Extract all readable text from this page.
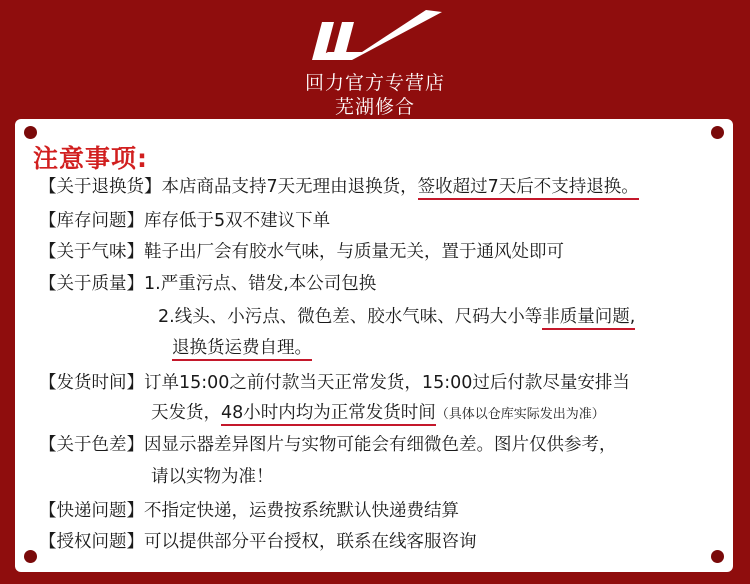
回力官方专营店
芜湖修合
注意事项:
【关于退换货】本店商品支持7天无理由退换货，签收超过7天后不支持退换。
【库存问题】库存低于5双不建议下单
【关于气味】鞋子出厂会有胶水气味，与质量无关，置于通风处即可
【关于质量】1.严重污点、错发,本公司包换
2.线头、小污点、微色差、胶水气味、尺码大小等非质量问题,
退换货运费自理。
【发货时间】订单15:00之前付款当天正常发货，15:00过后付款尽量安排当
天发货，48小时内均为正常发货时间（具体以仓库实际发出为准）
【关于色差】因显示器差异图片与实物可能会有细微色差。图片仅供参考，
请以实物为准！
【快递问题】不指定快递，运费按系统默认快递费结算
【授权问题】可以提供部分平台授权，联系在线客服咨询
